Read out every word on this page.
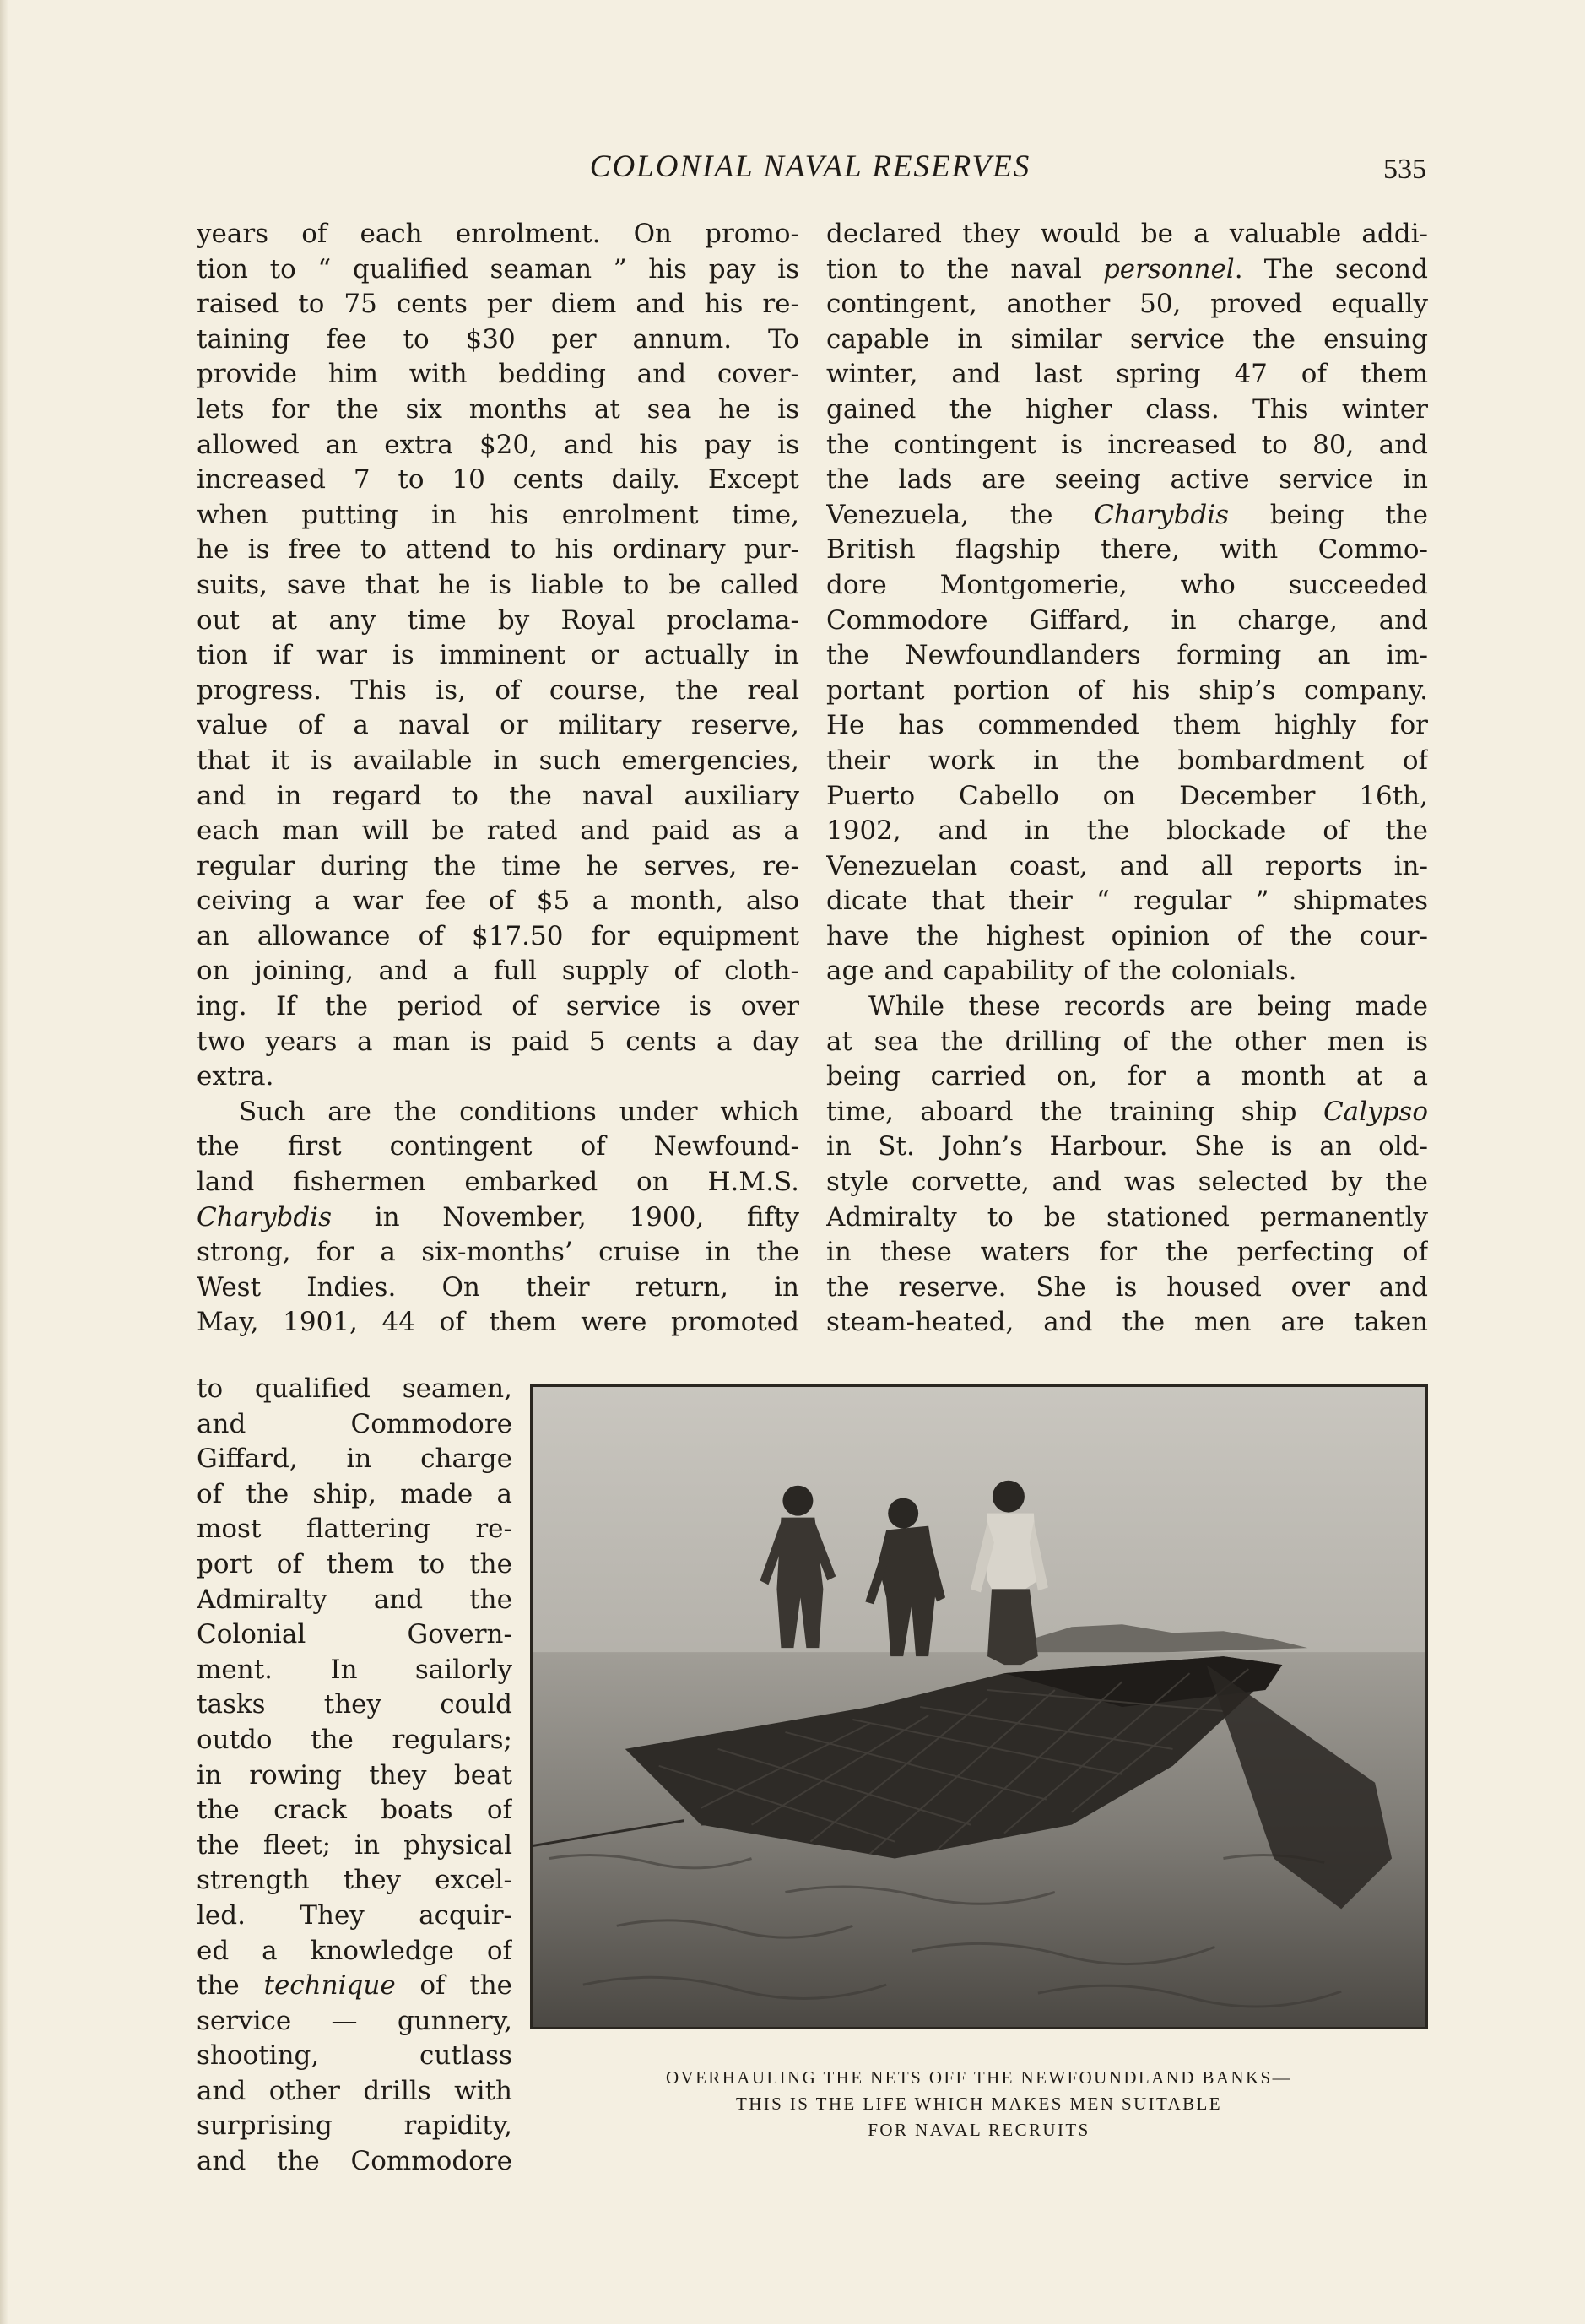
COLONIAL NAVAL RESERVES	535
years of each enrolment. On promo-
tion to “ qualified seaman ” his pay is
raised to 75 cents per diem and his re-
taining fee to $30 per annum. To
provide him with bedding and cover-
lets for the six months at sea he is
allowed an extra $20, and his pay is
increased 7 to 10 cents daily. Except
when putting in his enrolment time,
he is free to attend to his ordinary pur-
suits, save that he is liable to be called
out at any time by Royal proclama-
tion if war is imminent or actually in
progress. This is, of course, the real
value of a naval or military reserve,
that it is available in such emergencies,
and in regard to the naval auxiliary
each man will be rated and paid as a
regular during the time he serves, re-
ceiving a war fee of $5 a month, also
an allowance of $17.50 for equipment
on joining, and a full supply of cloth-
ing. If the period of service is over
two years a man is paid 5 cents a day
extra.
Such are the conditions under which
the first contingent of Newfound-
land fishermen embarked on H.M.S.
Charybdis in November, 1900, fifty
strong, for a six-months’ cruise in the
West Indies. On their return, in
May, 1901, 44 of them were promoted
to qualified seamen,
and Commodore
Giffard, in charge
of the ship, made a
most flattering re-
port of them to the
Admiralty and the
Colonial Govern-
ment. In sailorly
tasks they could
outdo the regulars;
in rowing they beat
the crack boats of
the fleet; in physical
strength they excel-
led. They acquir-
ed a knowledge of
the technique of the
service — gunnery,
shooting, cutlass
and other drills with
surprising rapidity,
and the Commodore
declared they would be a valuable addi-
tion to the naval personnel. The second
contingent, another 50, proved equally
capable in similar service the ensuing
winter, and last spring 47 of them
gained the higher class. This winter
the contingent is increased to 80, and
the lads are seeing active service in
Venezuela, the Charybdis being the
British flagship there, with Commo-
dore Montgomerie, who succeeded
Commodore Giffard, in charge, and
the Newfoundlanders forming an im-
portant portion of his ship’s company.
He has commended them highly for
their work in the bombardment of
Puerto Cabello on December 16th,
1902, and in the blockade of the
Venezuelan coast, and all reports in-
dicate that their “ regular ” shipmates
have the highest opinion of the cour-
age and capability of the colonials.
While these records are being made
at sea the drilling of the other men is
being carried on, for a month at a
time, aboard the training ship Calypso
in St. John’s Harbour. She is an old-
style corvette, and was selected by the
Admiralty to be stationed permanently
in these waters for the perfecting of
the reserve. She is housed over and
steam-heated, and the men are taken
OVERHAULING THE NETS OFF THE NEWFOUNDLAND BANKS—
THIS IS THE LIFE WHICH MAKES MEN SUITABLE
FOR NAVAL RECRUITS
